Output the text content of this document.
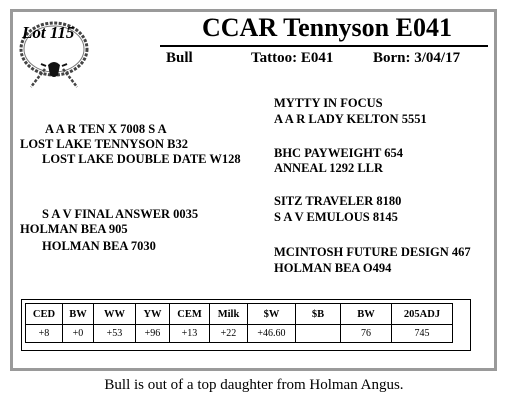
Lot 115	CCAR Tennyson E041
Bull	Tattoo: E041	Born: 3/04/17
A A R TEN X 7008 S A
LOST LAKE TENNYSON B32
LOST LAKE DOUBLE DATE W128
S A V FINAL ANSWER 0035
HOLMAN BEA 905
HOLMAN BEA 7030
MYTTY IN FOCUS
A A R LADY KELTON 5551
BHC PAYWEIGHT 654
ANNEAL 1292 LLR
SITZ TRAVELER 8180
S A V EMULOUS 8145
MCINTOSH FUTURE DESIGN 467
HOLMAN BEA O494
CED	BW	WW	YW	CEM	Milk	$W	$B	BW	205ADJ
+8	+0	+53	+96	+13	+22	+46.60		76	745
Bull is out of a top daughter from Holman Angus.
